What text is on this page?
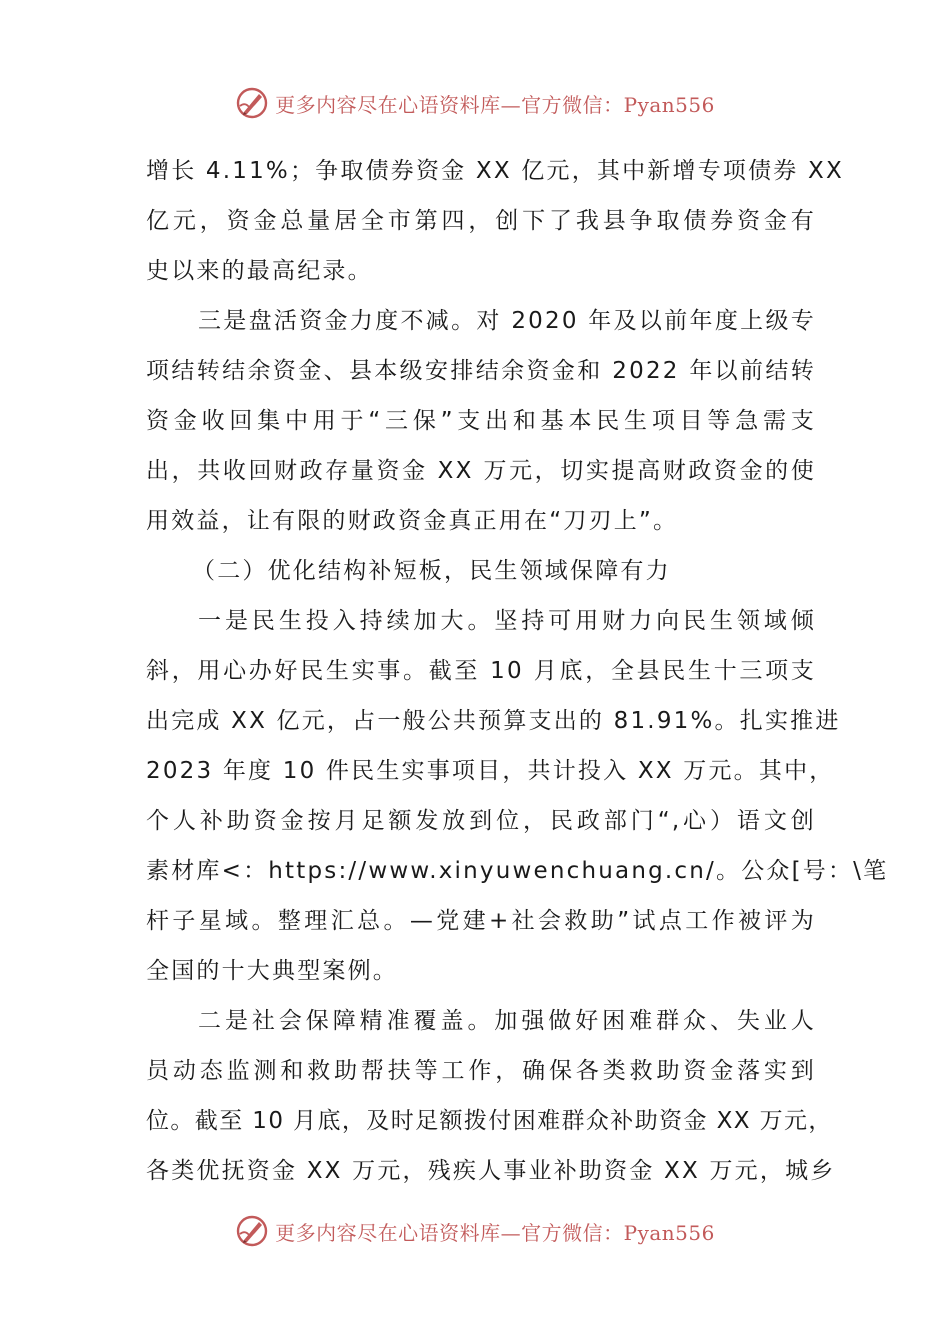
更多内容尽在心语资料库—官方微信：Pyan556
增长 4.11%；争取债券资金 XX 亿元，其中新增专项债券 XX
亿元，资金总量居全市第四，创下了我县争取债券资金有
史以来的最高纪录。
三是盘活资金力度不减。对 2020 年及以前年度上级专
项结转结余资金、县本级安排结余资金和 2022 年以前结转
资金收回集中用于“三保”支出和基本民生项目等急需支
出，共收回财政存量资金 XX 万元，切实提高财政资金的使
用效益，让有限的财政资金真正用在“刀刃上”。
（二）优化结构补短板，民生领域保障有力
一是民生投入持续加大。坚持可用财力向民生领域倾
斜，用心办好民生实事。截至 10 月底，全县民生十三项支
出完成 XX 亿元，占一般公共预算支出的 81.91%。扎实推进
2023 年度 10 件民生实事项目，共计投入 XX 万元。其中，
个人补助资金按月足额发放到位，民政部门“,心）语文创
素材库<：https://www.xinyuwenchuang.cn/。公众[号：\笔
杆子星域。整理汇总。—党建+社会救助”试点工作被评为
全国的十大典型案例。
二是社会保障精准覆盖。加强做好困难群众、失业人
员动态监测和救助帮扶等工作，确保各类救助资金落实到
位。截至 10 月底，及时足额拨付困难群众补助资金 XX 万元，
各类优抚资金 XX 万元，残疾人事业补助资金 XX 万元，城乡
更多内容尽在心语资料库—官方微信：Pyan556
